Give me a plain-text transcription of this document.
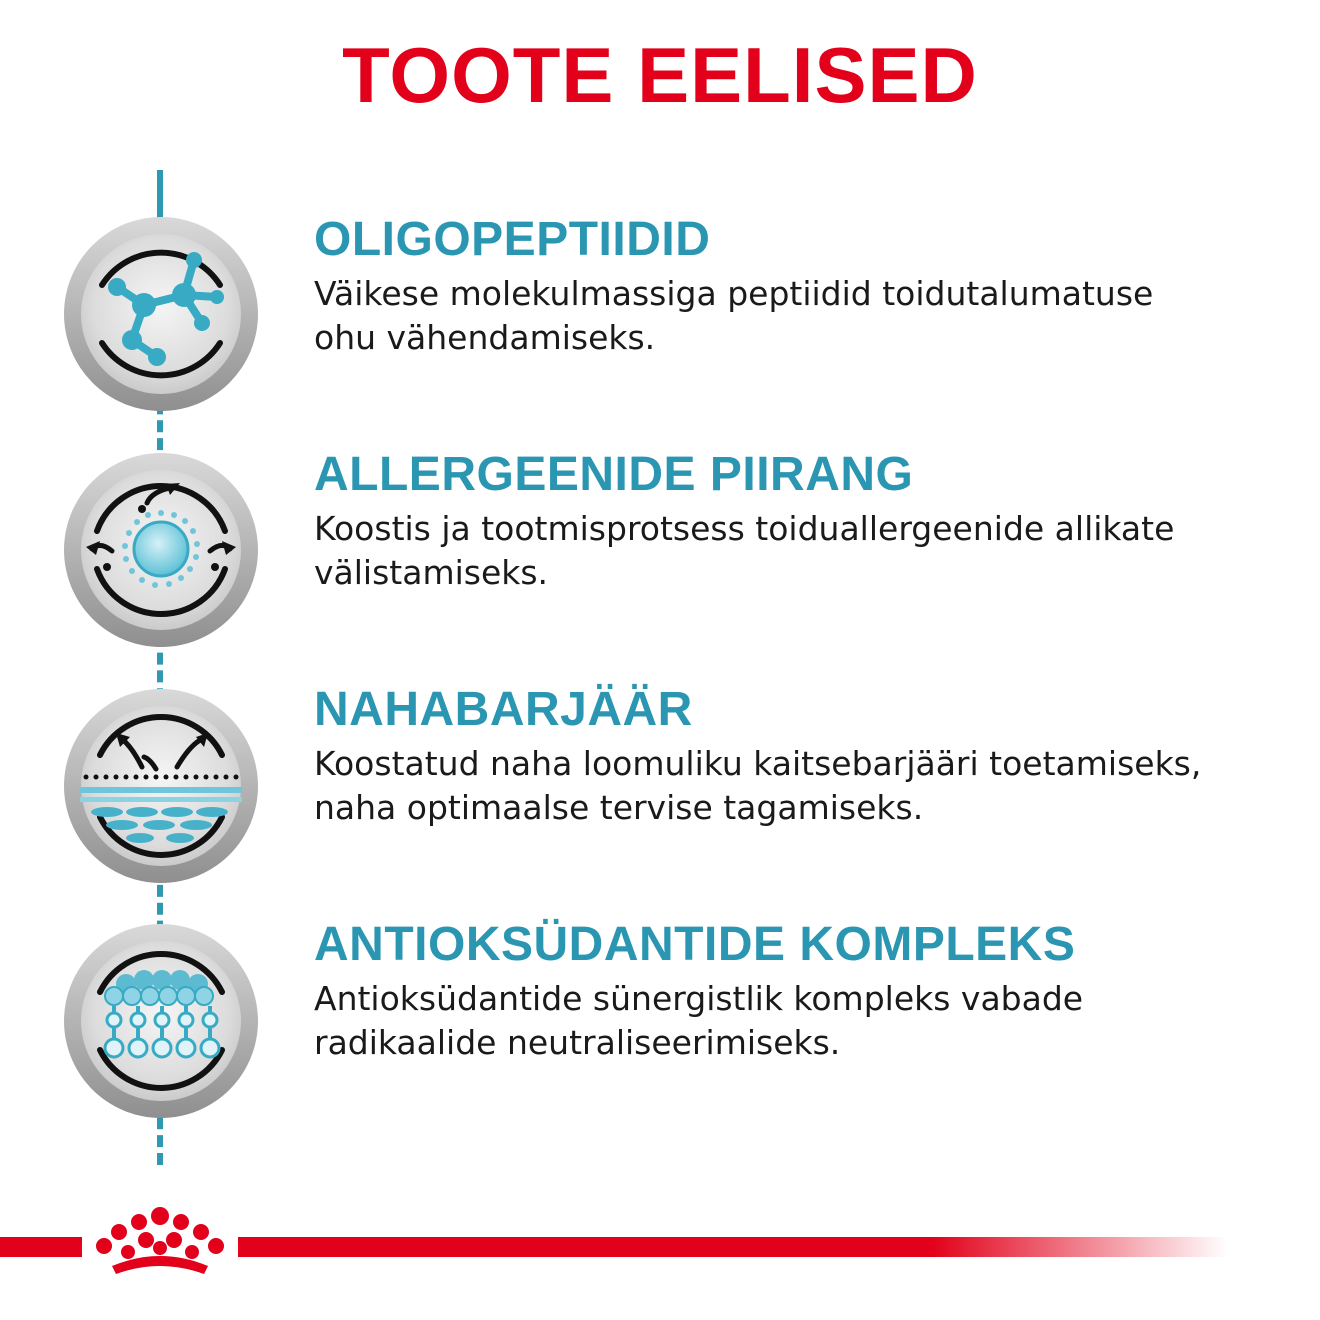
TOOTE EELISED
OLIGOPEPTIIDID

Väikese molekulmassiga peptiidid toidutalumatuse
ohu vähendamiseks.

ALLERGEENIDE PIIRANG

Koostis ja tootmisprotsess toiduallergeenide allikate
välistamiseks.

NAHABARJÄÄR

Koostatud naha loomuliku kaitsebarjääri toetamiseks,
naha optimaalse tervise tagamiseks.

ANTIOKSÜDANTIDE KOMPLEKS

Antioksüdantide sünergistlik kompleks vabade
radikaalide neutraliseerimiseks.
